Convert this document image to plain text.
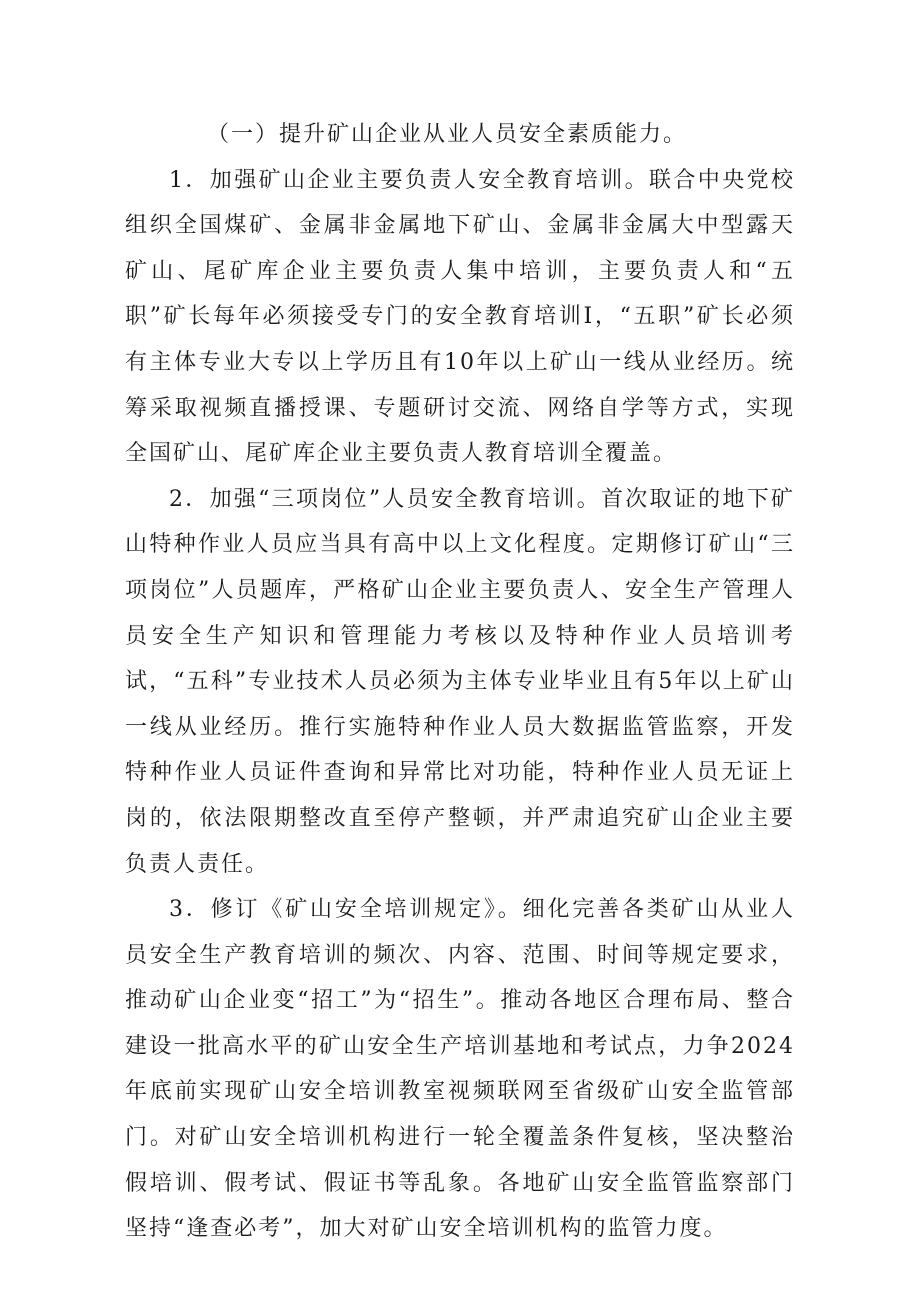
（一）提升矿山企业从业人员安全素质能力。

1．加强矿山企业主要负责人安全教育培训。联合中央党校组织全国煤矿、金属非金属地下矿山、金属非金属大中型露天矿山、尾矿库企业主要负责人集中培训，主要负责人和“五职”矿长每年必须接受专门的安全教育培训I，“五职”矿长必须有主体专业大专以上学历且有10年以上矿山一线从业经历。统筹采取视频直播授课、专题研讨交流、网络自学等方式，实现全国矿山、尾矿库企业主要负责人教育培训全覆盖。

2．加强“三项岗位”人员安全教育培训。首次取证的地下矿山特种作业人员应当具有高中以上文化程度。定期修订矿山“三项岗位”人员题库，严格矿山企业主要负责人、安全生产管理人员安全生产知识和管理能力考核以及特种作业人员培训考试，“五科”专业技术人员必须为主体专业毕业且有5年以上矿山一线从业经历。推行实施特种作业人员大数据监管监察，开发特种作业人员证件查询和异常比对功能，特种作业人员无证上岗的，依法限期整改直至停产整顿，并严肃追究矿山企业主要负责人责任。

3．修订《矿山安全培训规定》。细化完善各类矿山从业人员安全生产教育培训的频次、内容、范围、时间等规定要求，推动矿山企业变“招工”为“招生”。推动各地区合理布局、整合建设一批高水平的矿山安全生产培训基地和考试点，力争2024年底前实现矿山安全培训教室视频联网至省级矿山安全监管部门。对矿山安全培训机构进行一轮全覆盖条件复核，坚决整治假培训、假考试、假证书等乱象。各地矿山安全监管监察部门坚持“逢查必考”，加大对矿山安全培训机构的监管力度。
